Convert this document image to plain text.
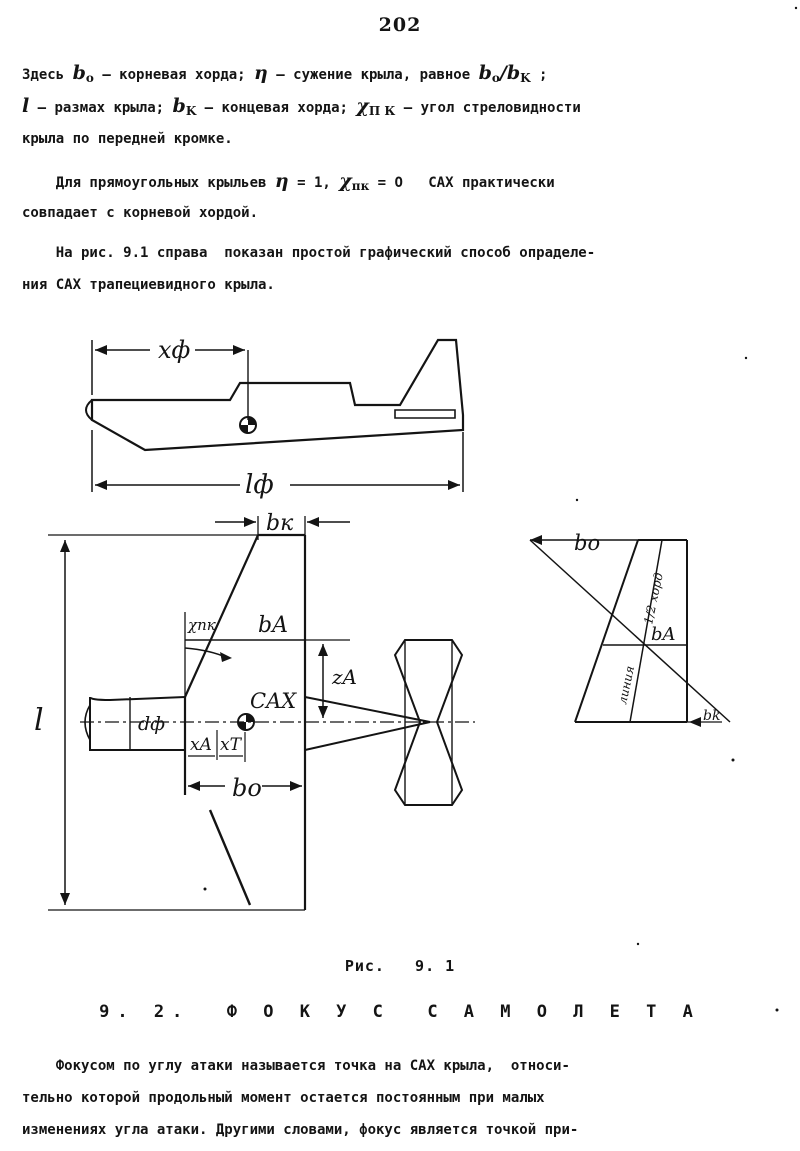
202
Здесь bo – корневая хорда; η – сужение крыла, равное bo/bK ;
l – размах крыла; bK – концевая хорда; χП К – угол стреловидности
крыла по передней кромке.
Для прямоугольных крыльев η = 1, χпк = О   САХ практически
совпадает с корневой хордой.
На рис. 9.1 справа  показан простой графический способ опраделе-
ния САХ трапециевидного крыла.
xф
lф
l
bк
χпк bA
zA
CAX
dф
xA xT
bo
bo
1/2 хорд
bA
линия
bk
Рис.   9. 1
9. 2.  Ф О К У С  С А М О Л Е Т А
Фокусом по углу атаки называется точка на САХ крыла,  относи-
тельно которой продольный момент остается постоянным при малых
изменениях угла атаки. Другими словами, фокус является точкой при-
